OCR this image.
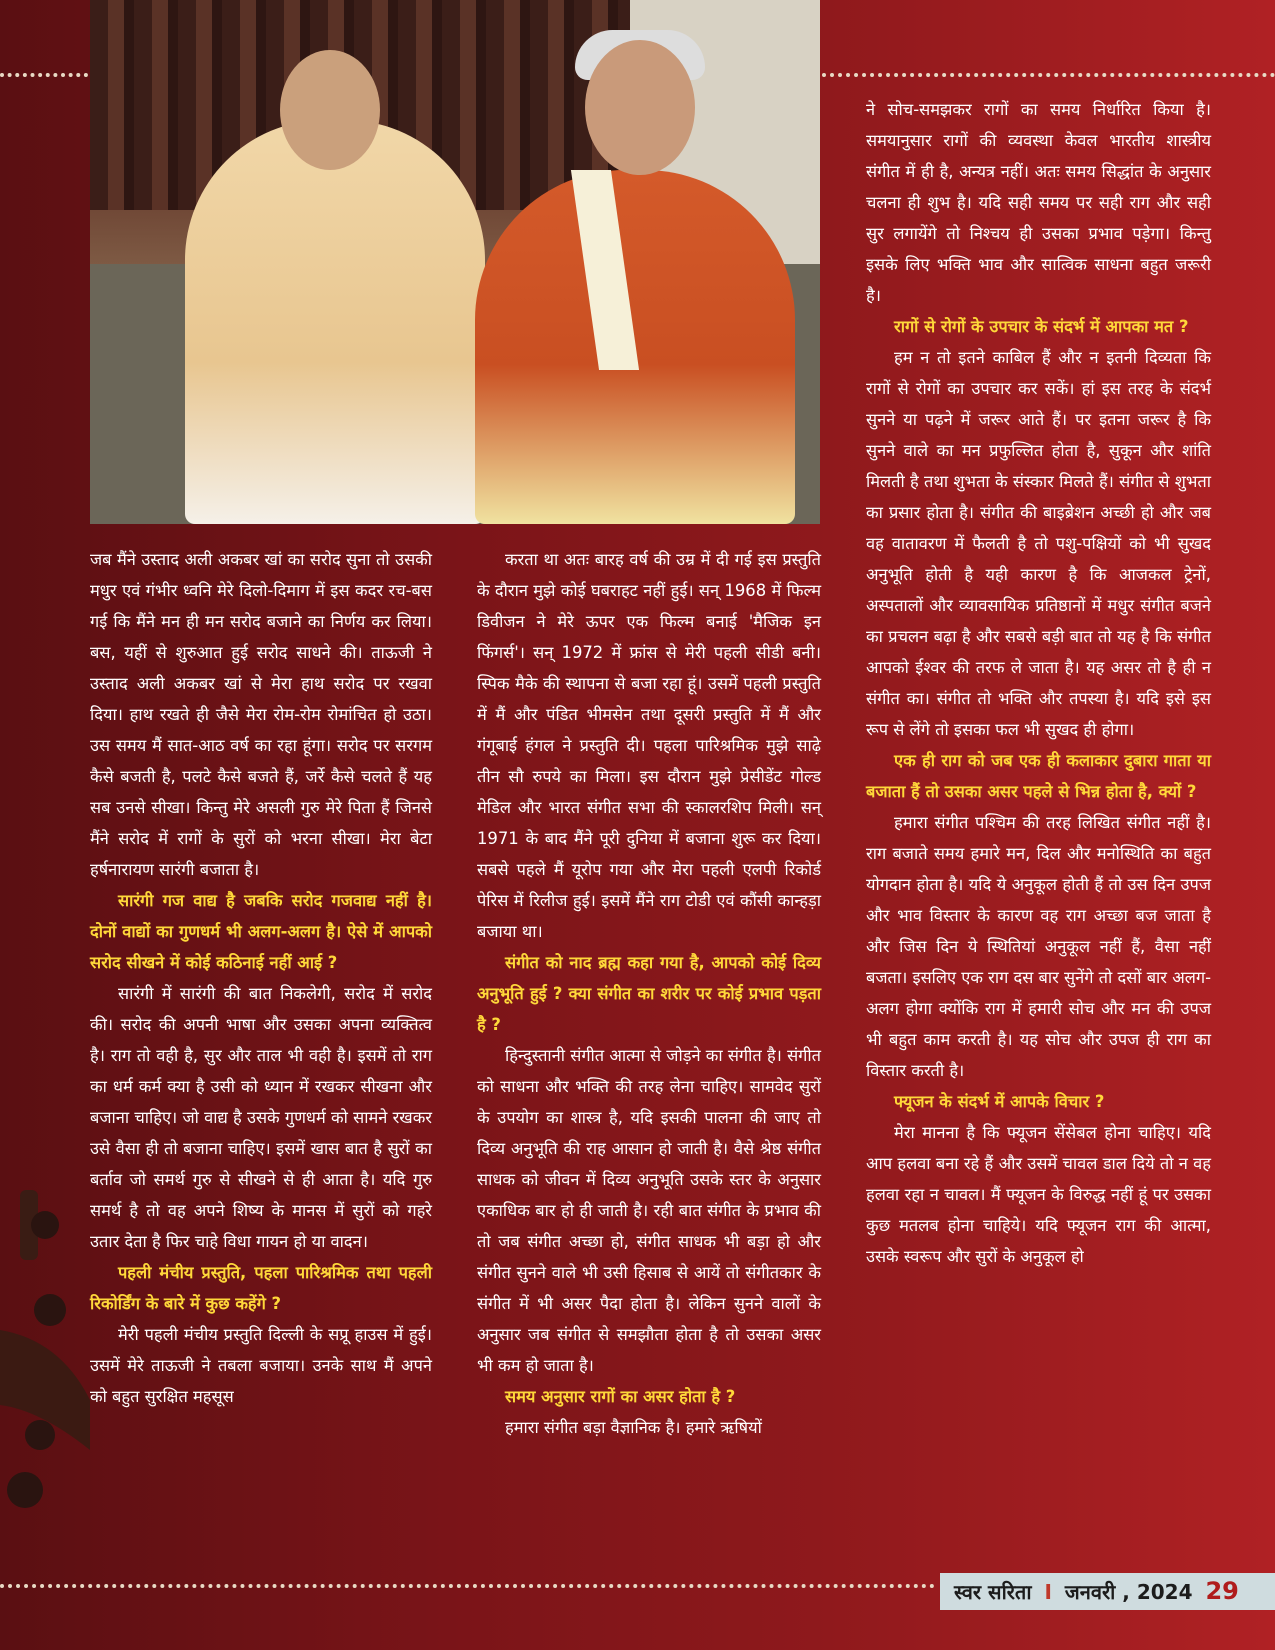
जब मैंने उस्ताद अली अकबर खां का सरोद सुना तो उसकी मधुर एवं गंभीर ध्वनि मेरे दिलो-दिमाग में इस कदर रच-बस गई कि मैंने मन ही मन सरोद बजाने का निर्णय कर लिया। बस, यहीं से शुरुआत हुई सरोद साधने की। ताऊजी ने उस्ताद अली अकबर खां से मेरा हाथ सरोद पर रखवा दिया। हाथ रखते ही जैसे मेरा रोम-रोम रोमांचित हो उठा। उस समय मैं सात-आठ वर्ष का रहा हूंगा। सरोद पर सरगम कैसे बजती है, पलटे कैसे बजते हैं, जर्रे कैसे चलते हैं यह सब उनसे सीखा। किन्तु मेरे असली गुरु मेरे पिता हैं जिनसे मैंने सरोद में रागों के सुरों को भरना सीखा। मेरा बेटा हर्षनारायण सारंगी बजाता है।

सारंगी गज वाद्य है जबकि सरोद गजवाद्य नहीं है। दोनों वाद्यों का गुणधर्म भी अलग-अलग है। ऐसे में आपको सरोद सीखने में कोई कठिनाई नहीं आई ?

सारंगी में सारंगी की बात निकलेगी, सरोद में सरोद की। सरोद की अपनी भाषा और उसका अपना व्यक्तित्व है। राग तो वही है, सुर और ताल भी वही है। इसमें तो राग का धर्म कर्म क्या है उसी को ध्यान में रखकर सीखना और बजाना चाहिए। जो वाद्य है उसके गुणधर्म को सामने रखकर उसे वैसा ही तो बजाना चाहिए। इसमें खास बात है सुरों का बर्ताव जो समर्थ गुरु से सीखने से ही आता है। यदि गुरु समर्थ है तो वह अपने शिष्य के मानस में सुरों को गहरे उतार देता है फिर चाहे विधा गायन हो या वादन।

पहली मंचीय प्रस्तुति, पहला पारिश्रमिक तथा पहली रिकोर्डिंग के बारे में कुछ कहेंगे ?

मेरी पहली मंचीय प्रस्तुति दिल्ली के सप्रू हाउस में हुई। उसमें मेरे ताऊजी ने तबला बजाया। उनके साथ मैं अपने को बहुत सुरक्षित महसूस

करता था अतः बारह वर्ष की उम्र में दी गई इस प्रस्तुति के दौरान मुझे कोई घबराहट नहीं हुई। सन् 1968 में फिल्म डिवीजन ने मेरे ऊपर एक फिल्म बनाई 'मैजिक इन फिंगर्स'। सन् 1972 में फ्रांस से मेरी पहली सीडी बनी। स्पिक मैके की स्थापना से बजा रहा हूं। उसमें पहली प्रस्तुति में मैं और पंडित भीमसेन तथा दूसरी प्रस्तुति में मैं और गंगूबाई हंगल ने प्रस्तुति दी। पहला पारिश्रमिक मुझे साढ़े तीन सौ रुपये का मिला। इस दौरान मुझे प्रेसीडेंट गोल्ड मेडिल और भारत संगीत सभा की स्कालरशिप मिली। सन् 1971 के बाद मैंने पूरी दुनिया में बजाना शुरू कर दिया। सबसे पहले मैं यूरोप गया और मेरा पहली एलपी रिकोर्ड पेरिस में रिलीज हुई। इसमें मैंने राग टोडी एवं कौंसी कान्हड़ा बजाया था।

संगीत को नाद ब्रह्म कहा गया है, आपको कोई दिव्य अनुभूति हुई ? क्या संगीत का शरीर पर कोई प्रभाव पड़ता है ?

हिन्दुस्तानी संगीत आत्मा से जोड़ने का संगीत है। संगीत को साधना और भक्ति की तरह लेना चाहिए। सामवेद सुरों के उपयोग का शास्त्र है, यदि इसकी पालना की जाए तो दिव्य अनुभूति की राह आसान हो जाती है। वैसे श्रेष्ठ संगीत साधक को जीवन में दिव्य अनुभूति उसके स्तर के अनुसार एकाधिक बार हो ही जाती है। रही बात संगीत के प्रभाव की तो जब संगीत अच्छा हो, संगीत साधक भी बड़ा हो और संगीत सुनने वाले भी उसी हिसाब से आयें तो संगीतकार के संगीत में भी असर पैदा होता है। लेकिन सुनने वालों के अनुसार जब संगीत से समझौता होता है तो उसका असर भी कम हो जाता है।

समय अनुसार रागों का असर होता है ?

हमारा संगीत बड़ा वैज्ञानिक है। हमारे ऋषियों

ने सोच-समझकर रागों का समय निर्धारित किया है। समयानुसार रागों की व्यवस्था केवल भारतीय शास्त्रीय संगीत में ही है, अन्यत्र नहीं। अतः समय सिद्धांत के अनुसार चलना ही शुभ है। यदि सही समय पर सही राग और सही सुर लगायेंगे तो निश्चय ही उसका प्रभाव पड़ेगा। किन्तु इसके लिए भक्ति भाव और सात्विक साधना बहुत जरूरी है।

रागों से रोगों के उपचार के संदर्भ में आपका मत ?

हम न तो इतने काबिल हैं और न इतनी दिव्यता कि रागों से रोगों का उपचार कर सकें। हां इस तरह के संदर्भ सुनने या पढ़ने में जरूर आते हैं। पर इतना जरूर है कि सुनने वाले का मन प्रफुल्लित होता है, सुकून और शांति मिलती है तथा शुभता के संस्कार मिलते हैं। संगीत से शुभता का प्रसार होता है। संगीत की बाइब्रेशन अच्छी हो और जब वह वातावरण में फैलती है तो पशु-पक्षियों को भी सुखद अनुभूति होती है यही कारण है कि आजकल ट्रेनों, अस्पतालों और व्यावसायिक प्रतिष्ठानों में मधुर संगीत बजने का प्रचलन बढ़ा है और सबसे बड़ी बात तो यह है कि संगीत आपको ईश्वर की तरफ ले जाता है। यह असर तो है ही न संगीत का। संगीत तो भक्ति और तपस्या है। यदि इसे इस रूप से लेंगे तो इसका फल भी सुखद ही होगा।

एक ही राग को जब एक ही कलाकार दुबारा गाता या बजाता हैं तो उसका असर पहले से भिन्न होता है, क्यों ?

हमारा संगीत पश्चिम की तरह लिखित संगीत नहीं है। राग बजाते समय हमारे मन, दिल और मनोस्थिति का बहुत योगदान होता है। यदि ये अनुकूल होती हैं तो उस दिन उपज और भाव विस्तार के कारण वह राग अच्छा बज जाता है और जिस दिन ये स्थितियां अनुकूल नहीं हैं, वैसा नहीं बजता। इसलिए एक राग दस बार सुनेंगे तो दसों बार अलग-अलग होगा क्योंकि राग में हमारी सोच और मन की उपज भी बहुत काम करती है। यह सोच और उपज ही राग का विस्तार करती है।

फ्यूजन के संदर्भ में आपके विचार ?

मेरा मानना है कि फ्यूजन सेंसेबल होना चाहिए। यदि आप हलवा बना रहे हैं और उसमें चावल डाल दिये तो न वह हलवा रहा न चावल। मैं फ्यूजन के विरुद्ध नहीं हूं पर उसका कुछ मतलब होना चाहिये। यदि फ्यूजन राग की आत्मा, उसके स्वरूप और सुरों के अनुकूल हो

स्वर सरिता I जनवरी , 2024 29
